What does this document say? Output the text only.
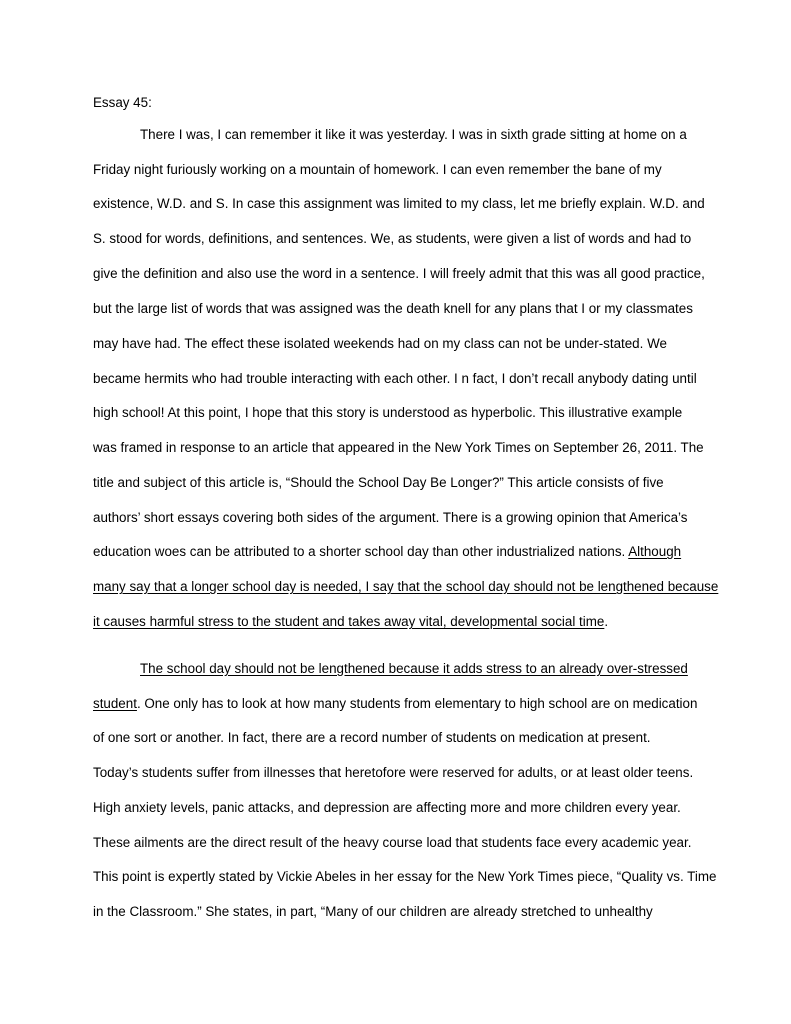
Essay 45:
There I was, I can remember it like it was yesterday. I was in sixth grade sitting at home on a
Friday night furiously working on a mountain of homework. I can even remember the bane of my
existence, W.D. and S. In case this assignment was limited to my class, let me briefly explain. W.D. and
S. stood for words, definitions, and sentences. We, as students, were given a list of words and had to
give the definition and also use the word in a sentence. I will freely admit that this was all good practice,
but the large list of words that was assigned was the death knell for any plans that I or my classmates
may have had. The effect these isolated weekends had on my class can not be under-stated. We
became hermits who had trouble interacting with each other. I n fact, I don’t recall anybody dating until
high school! At this point, I hope that this story is understood as hyperbolic. This illustrative example
was framed in response to an article that appeared in the New York Times on September 26, 2011. The
title and subject of this article is, “Should the School Day Be Longer?” This article consists of five
authors’ short essays covering both sides of the argument. There is a growing opinion that America’s
education woes can be attributed to a shorter school day than other industrialized nations. Although
many say that a longer school day is needed, I say that the school day should not be lengthened because
it causes harmful stress to the student and takes away vital, developmental social time.
The school day should not be lengthened because it adds stress to an already over-stressed
student. One only has to look at how many students from elementary to high school are on medication
of one sort or another. In fact, there are a record number of students on medication at present.
Today’s students suffer from illnesses that heretofore were reserved for adults, or at least older teens.
High anxiety levels, panic attacks, and depression are affecting more and more children every year.
These ailments are the direct result of the heavy course load that students face every academic year.
This point is expertly stated by Vickie Abeles in her essay for the New York Times piece, “Quality vs. Time
in the Classroom.” She states, in part, “Many of our children are already stretched to unhealthy
